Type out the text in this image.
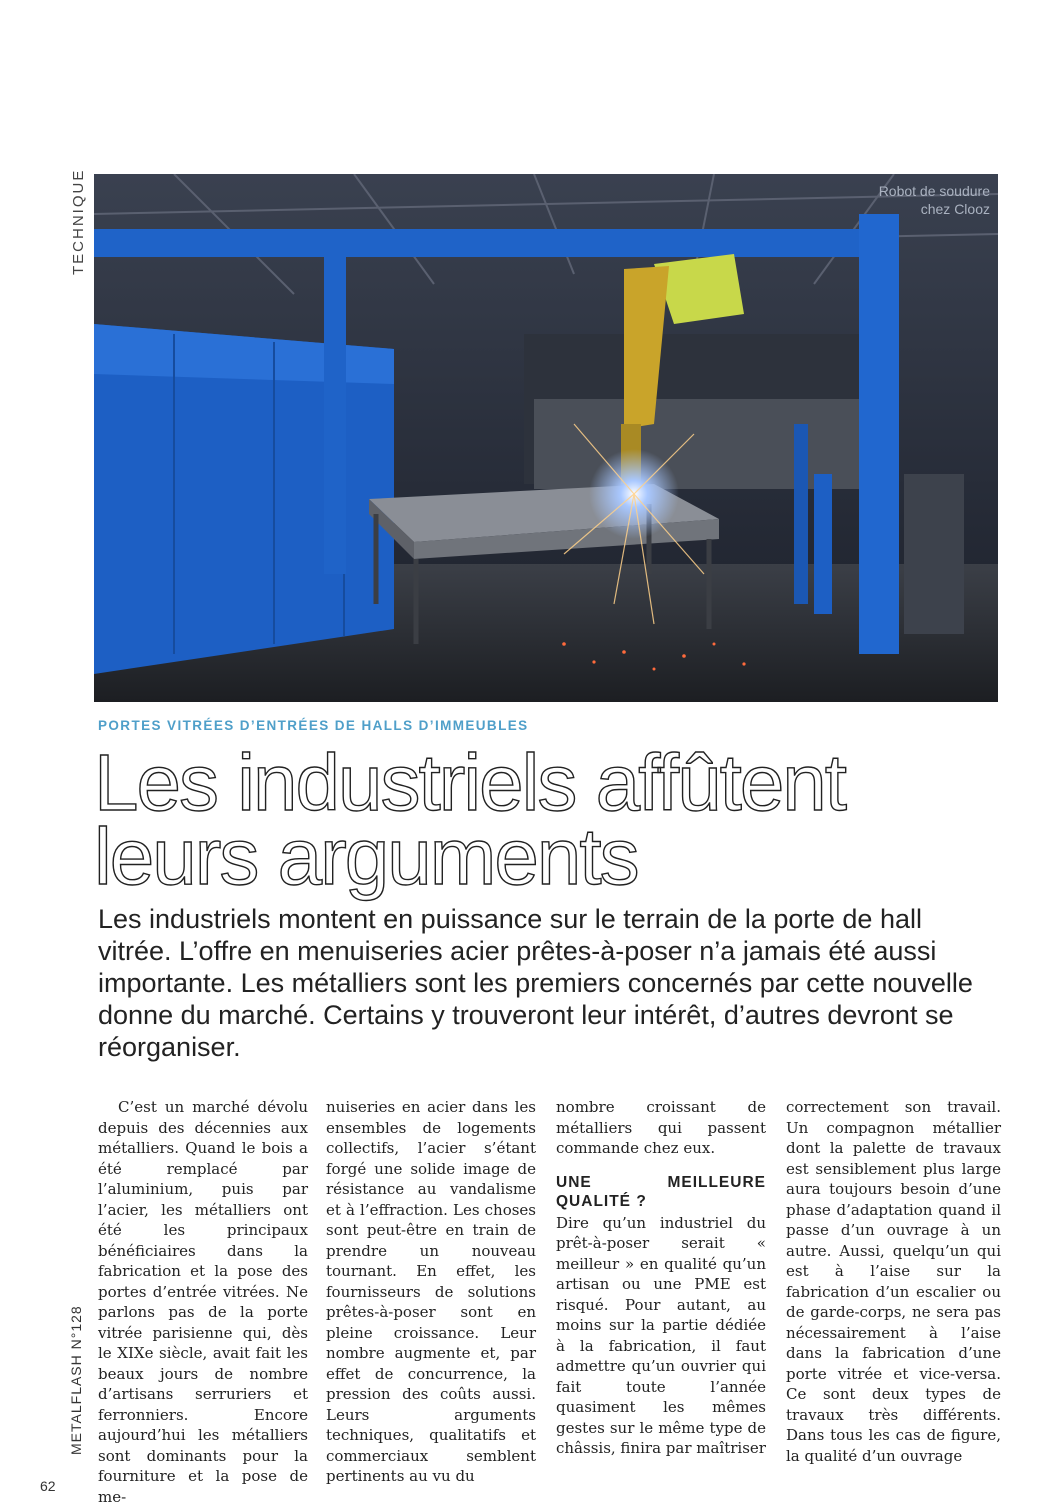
TECHNIQUE	Robot de soudure
chez Clooz
PORTES VITRÉES D’ENTRÉES DE HALLS D’IMMEUBLES
Les industriels affûtent
leurs arguments
Les industriels montent en puissance sur le terrain de la porte de hall vitrée. L’offre en menuiseries acier prêtes-à-poser n’a jamais été aussi importante. Les métalliers sont les premiers concernés par cette nouvelle donne du marché. Certains y trouveront leur intérêt, d’autres devront se réorganiser.

C’est un marché dévolu depuis des décennies aux métalliers. Quand le bois a été remplacé par l’aluminium, puis par l’acier, les métalliers ont été les principaux bénéficiaires dans la fabrication et la pose des portes d’entrée vitrées. Ne parlons pas de la porte vitrée parisienne qui, dès le XIXe siècle, avait fait les beaux jours de nombre d’artisans serruriers et ferronniers. Encore aujourd’hui les métalliers sont dominants pour la fourniture et la pose de me-

nuiseries en acier dans les ensembles de logements collectifs, l’acier s’étant forgé une solide image de résistance au vandalisme et à l’effraction. Les choses sont peut-être en train de prendre un nouveau tournant. En effet, les fournisseurs de solutions prêtes-à-poser sont en pleine croissance. Leur nombre augmente et, par effet de concurrence, la pression des coûts aussi. Leurs arguments techniques, qualitatifs et commerciaux semblent pertinents au vu du

nombre croissant de métalliers qui passent commande chez eux.

UNE MEILLEURE QUALITÉ ?

Dire qu’un industriel du prêt-à-poser serait « meilleur » en qualité qu’un artisan ou une PME est risqué. Pour autant, au moins sur la partie dédiée à la fabrication, il faut admettre qu’un ouvrier qui fait toute l’année quasiment les mêmes gestes sur le même type de châssis, finira par maîtriser

correctement son travail. Un compagnon métallier dont la palette de travaux est sensiblement plus large aura toujours besoin d’une phase d’adaptation quand il passe d’un ouvrage à un autre. Aussi, quelqu’un qui est à l’aise sur la fabrication d’un escalier ou de garde-corps, ne sera pas nécessairement à l’aise dans la fabrication d’une porte vitrée et vice-versa. Ce sont deux types de travaux très différents. Dans tous les cas de figure, la qualité d’un ouvrage

METALFLASH N°128
62
